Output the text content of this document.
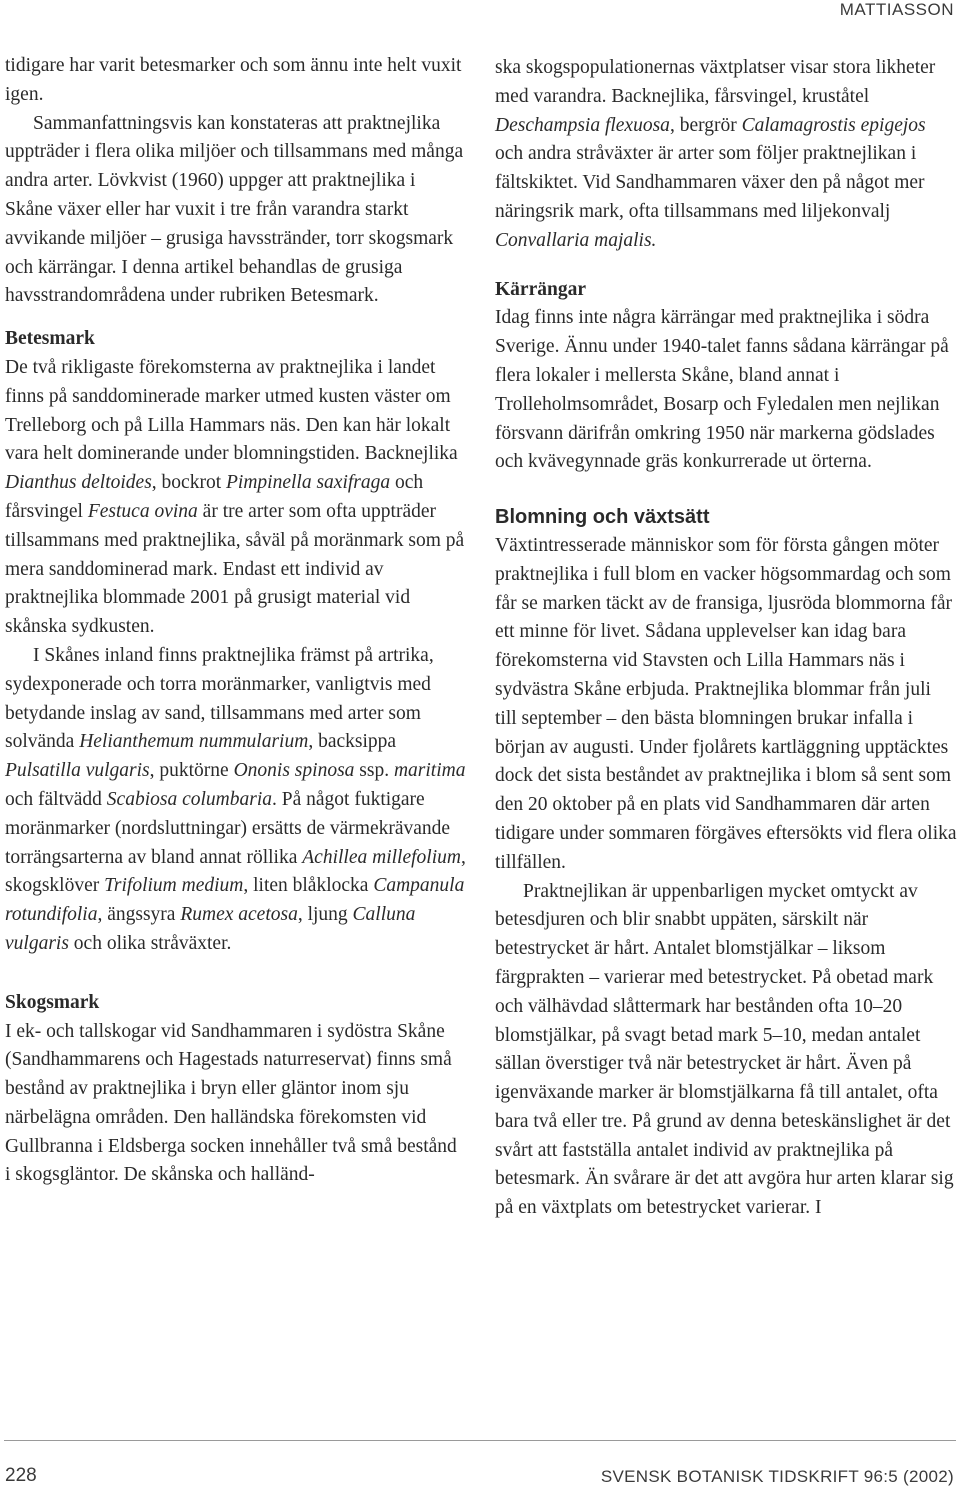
MATTIASSON

tidigare har varit betesmarker och som ännu inte helt vuxit igen.

Sammanfattningsvis kan konstateras att praktnejlika uppträder i flera olika miljöer och tillsammans med många andra arter. Lövkvist (1960) uppger att praktnejlika i Skåne växer eller har vuxit i tre från varandra starkt avvikande miljöer – grusiga havsstränder, torr skogsmark och kärrängar. I denna artikel behandlas de grusiga havsstrandområdena under rubriken Betesmark.

Betesmark

De två rikligaste förekomsterna av praktnejlika i landet finns på sanddominerade marker utmed kusten väster om Trelleborg och på Lilla Hammars näs. Den kan här lokalt vara helt dominerande under blomningstiden. Backnejlika Dianthus deltoides, bockrot Pimpinella saxifraga och fårsvingel Festuca ovina är tre arter som ofta uppträder tillsammans med praktnejlika, såväl på moränmark som på mera sanddominerad mark. Endast ett individ av praktnejlika blommade 2001 på grusigt material vid skånska sydkusten.

I Skånes inland finns praktnejlika främst på artrika, sydexponerade och torra moränmarker, vanligtvis med betydande inslag av sand, tillsammans med arter som solvända Helianthemum nummularium, backsippa Pulsatilla vulgaris, puktörne Ononis spinosa ssp. maritima och fältvädd Scabiosa columbaria. På något fuktigare moränmarker (nordsluttningar) ersätts de värmekrävande torrängsarterna av bland annat röllika Achillea millefolium, skogsklöver Trifolium medium, liten blåklocka Campanula rotundifolia, ängssyra Rumex acetosa, ljung Calluna vulgaris och olika stråväxter.

Skogsmark

I ek- och tallskogar vid Sandhammaren i sydöstra Skåne (Sandhammarens och Hagestads naturreservat) finns små bestånd av praktnejlika i bryn eller gläntor inom sju närbelägna områden. Den halländska förekomsten vid Gullbranna i Eldsberga socken innehåller två små bestånd i skogsgläntor. De skånska och halländ-

ska skogspopulationernas växtplatser visar stora likheter med varandra. Backnejlika, fårsvingel, kruståtel Deschampsia flexuosa, bergrör Calamagrostis epigejos och andra stråväxter är arter som följer praktnejlikan i fältskiktet. Vid Sandhammaren växer den på något mer näringsrik mark, ofta tillsammans med liljekonvalj Convallaria majalis.

Kärrängar

Idag finns inte några kärrängar med praktnejlika i södra Sverige. Ännu under 1940-talet fanns sådana kärrängar på flera lokaler i mellersta Skåne, bland annat i Trolleholmsområdet, Bosarp och Fyledalen men nejlikan försvann därifrån omkring 1950 när markerna gödslades och kvävegynnade gräs konkurrerade ut örterna.

Blomning och växtsätt

Växtintresserade människor som för första gången möter praktnejlika i full blom en vacker högsommardag och som får se marken täckt av de fransiga, ljusröda blommorna får ett minne för livet. Sådana upplevelser kan idag bara förekomsterna vid Stavsten och Lilla Hammars näs i sydvästra Skåne erbjuda. Praktnejlika blommar från juli till september – den bästa blomningen brukar infalla i början av augusti. Under fjolårets kartläggning upptäcktes dock det sista beståndet av praktnejlika i blom så sent som den 20 oktober på en plats vid Sandhammaren där arten tidigare under sommaren förgäves eftersökts vid flera olika tillfällen.

Praktnejlikan är uppenbarligen mycket omtyckt av betesdjuren och blir snabbt uppäten, särskilt när betestrycket är hårt. Antalet blomstjälkar – liksom färgprakten – varierar med betestrycket. På obetad mark och välhävdad slåttermark har bestånden ofta 10–20 blomstjälkar, på svagt betad mark 5–10, medan antalet sällan överstiger två när betestrycket är hårt. Även på igenväxande marker är blomstjälkarna få till antalet, ofta bara två eller tre. På grund av denna beteskänslighet är det svårt att fastställa antalet individ av praktnejlika på betesmark. Än svårare är det att avgöra hur arten klarar sig på en växtplats om betestrycket varierar. I

228	SVENSK BOTANISK TIDSKRIFT 96:5 (2002)
